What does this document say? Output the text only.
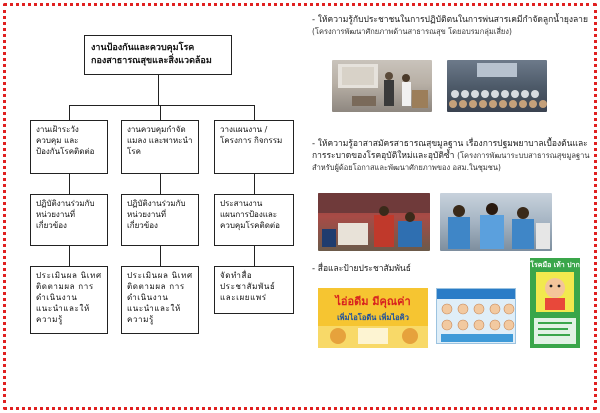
งานป้องกันและควบคุมโรค
กองสาธารณสุขและสิ่งแวดล้อม
งานเฝ้าระวัง ควบคุม และป้องกันโรคติดต่อ
งานควบคุมกำจัดแมลง และพาหะนำโรค
วางแผนงาน /โครงการ กิจกรรม
ปฏิบัติงานร่วมกับหน่วยงานที่เกี่ยวข้อง
ปฏิบัติงานร่วมกับหน่วยงานที่เกี่ยวข้อง
ประสานงานแผนการป้องและควบคุมโรคติดต่อ
ประเมินผล นิเทศ ติดตามผล การดำเนินงาน แนะนำและให้ความรู้
ประเมินผล นิเทศ ติดตามผล การดำเนินงาน แนะนำและให้ความรู้
จัดทำสื่อประชาสัมพันธ์และเผยแพร่
- ให้ความรู้กับประชาชนในการปฏิบัติตนในการพ่นสารเคมีกำจัดลูกน้ำยุงลาย (โครงการพัฒนาศักยภาพด้านสาธารณสุข โดยอบรมกลุ่มเสี่ยง)
- ให้ความรู้อาสาสมัครสาธารณสุขมูลฐาน เรื่องการปฐมพยาบาลเบื้องต้นและการระบาดของโรคอุบัติใหม่และอุบัติซ้ำ (โครงการพัฒนาระบบสาธารณสุขมูลฐานสำหรับผู้ด้อยโอกาสและพัฒนาศักยภาพของ อสม.ในชุมชน)
- สื่อและป้ายประชาสัมพันธ์
ไอ่อดีม มีคุณค่า
เพิ่มไอโอดีน เพิ่มไอคิว
โรคมือ เท้า ปาก
